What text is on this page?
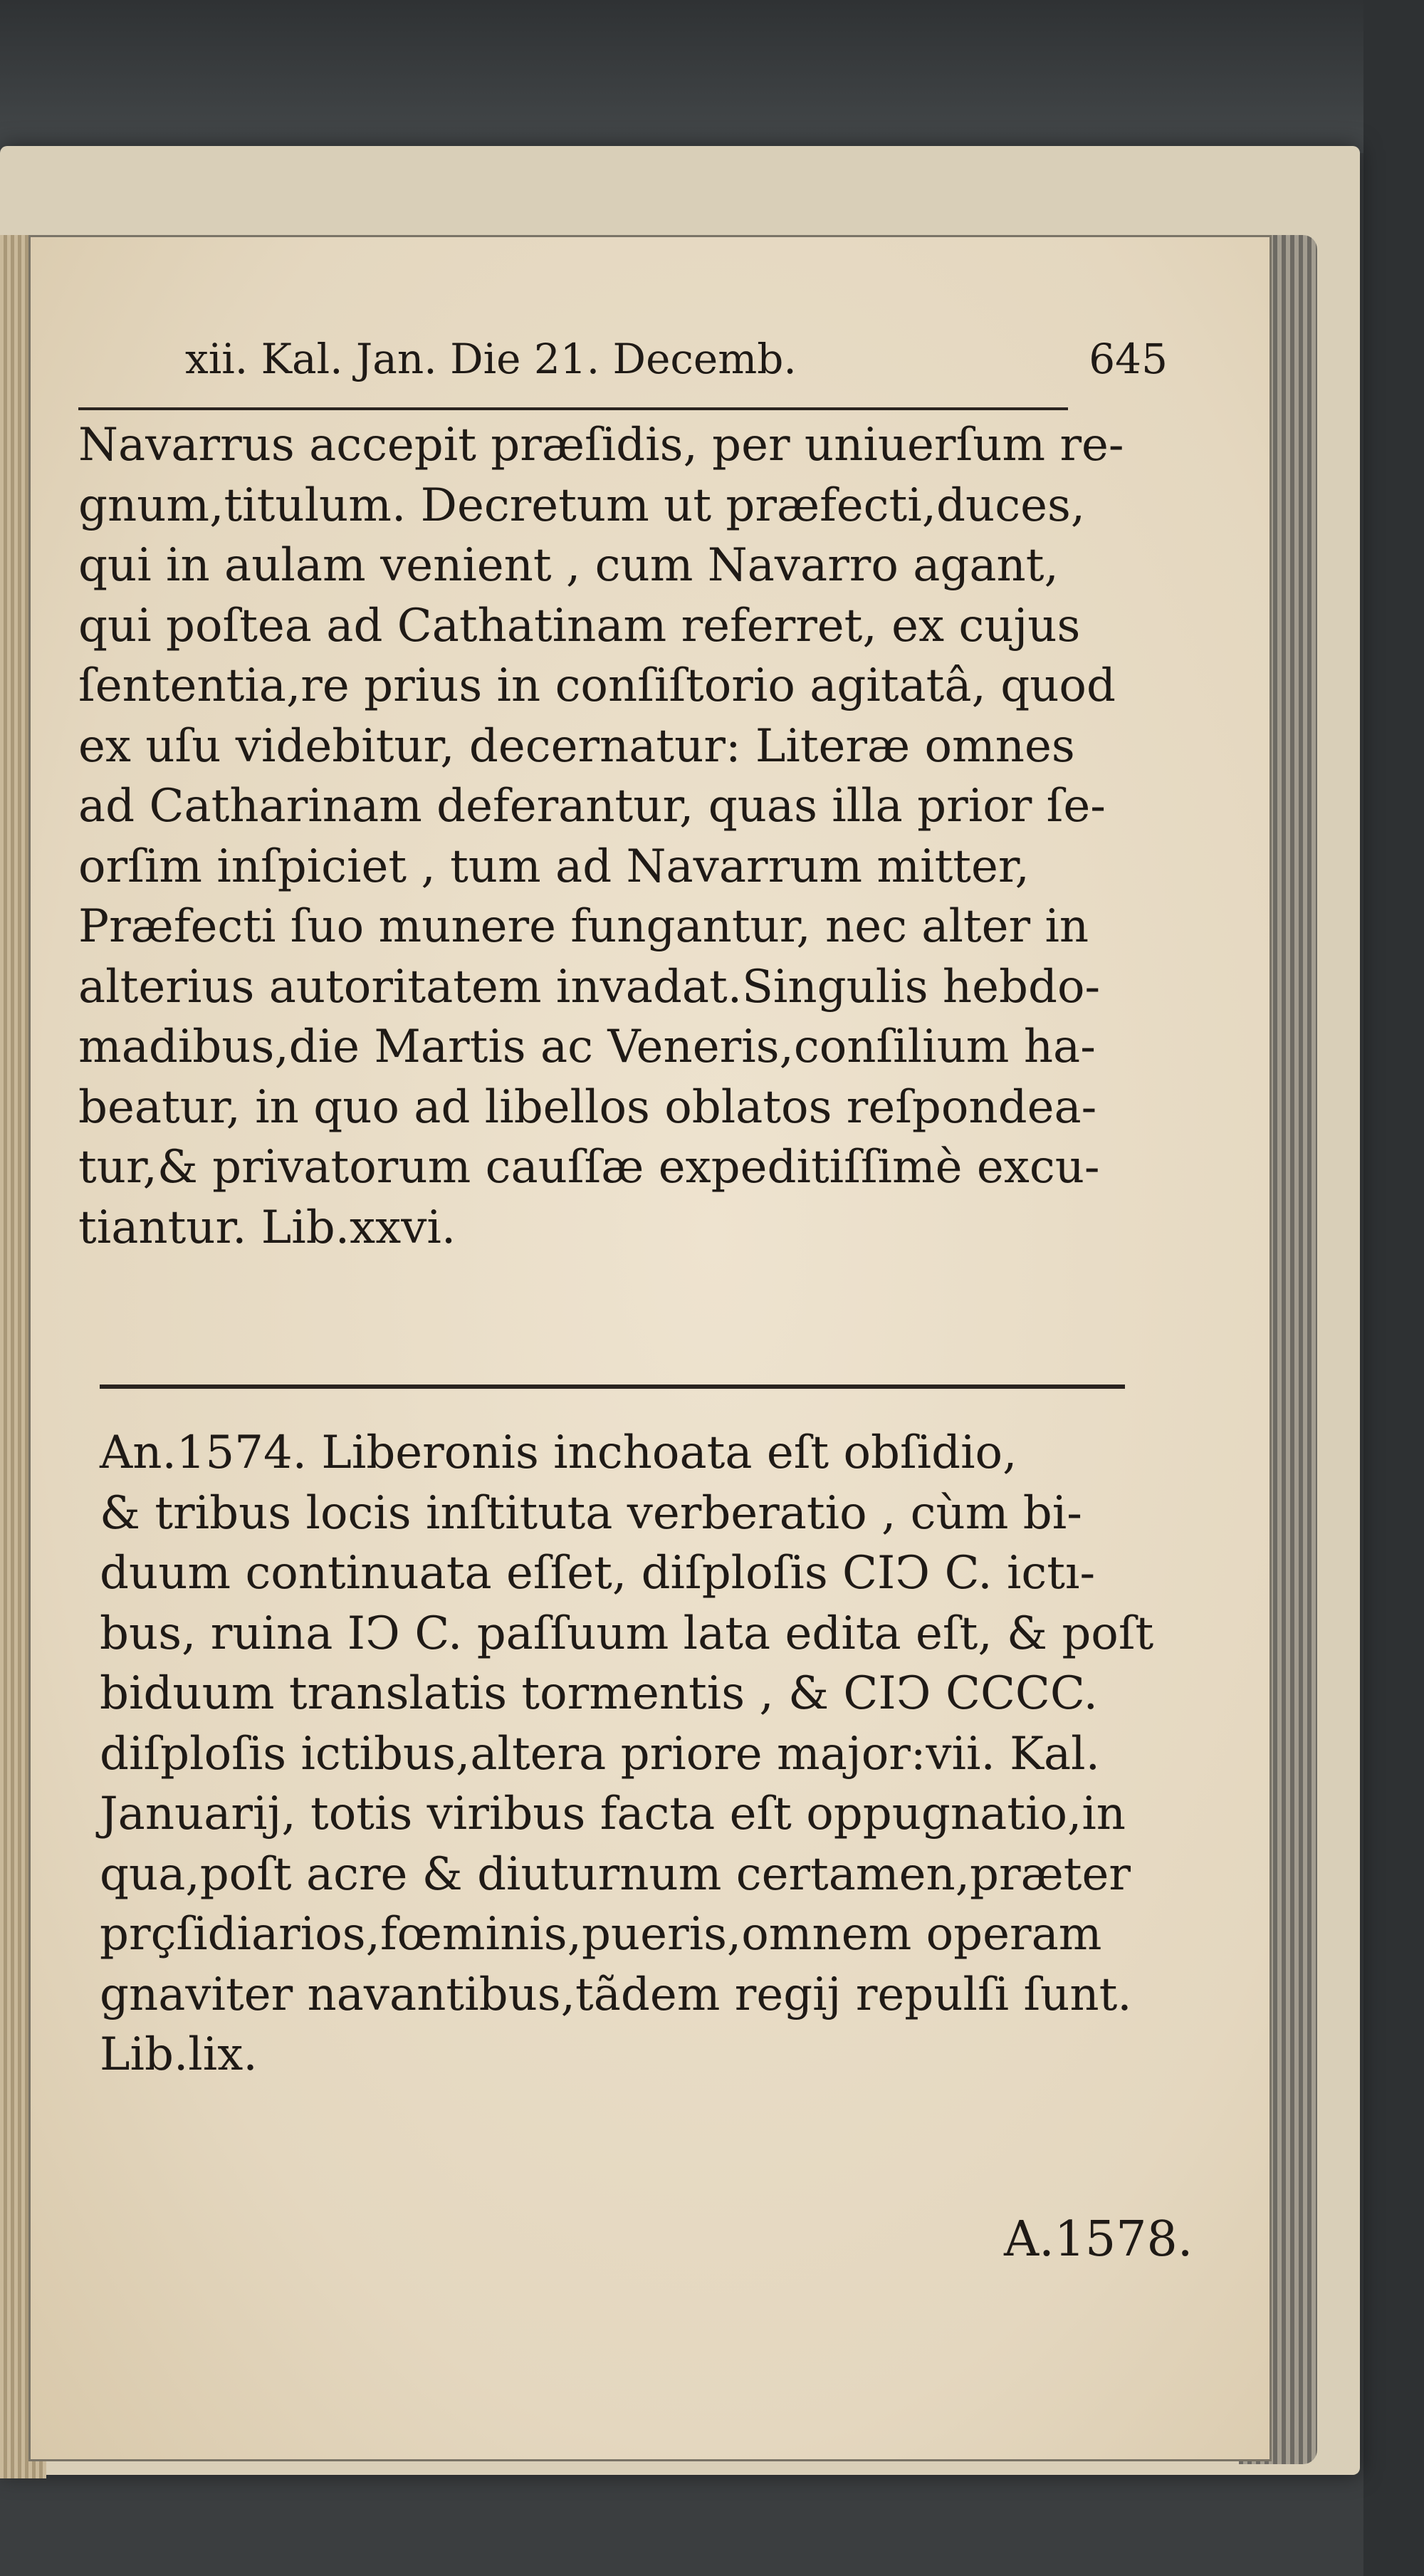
xii. Kal. Jan. Die 21. Decemb.	645
Navarrus accepit præſidis, per uniuerſum re-
gnum,titulum. Decretum ut præfecti,duces,
qui in aulam venient , cum Navarro agant,
qui poſtea ad Cathatinam referret, ex cujus
ſententia,re prius in conſiſtorio agitatâ, quod
ex uſu videbitur, decernatur: Literæ omnes
ad Catharinam deferantur, quas illa prior ſe-
orſim inſpiciet , tum ad Navarrum mitter,
Præfecti ſuo munere fungantur, nec alter in
alterius autoritatem invadat.Singulis hebdo-
madibus,die Martis ac Veneris,conſilium ha-
beatur, in quo ad libellos oblatos reſpondea-
tur,& privatorum cauſſæ expeditiſſimè excu-
tiantur. Lib.xxvi.
An.1574. Liberonis inchoata eſt obſidio,
& tribus locis inſtituta verberatio , cùm bi-
duum continuata eſſet, diſploſis CIↃ C. ictı-
bus, ruina IↃ C. paſſuum lata edita eſt, & poſt
biduum translatis tormentis , & CIↃ CCCC.
diſploſis ictibus,altera priore major:vii. Kal.
Januarij, totis viribus facta eſt oppugnatio,in
qua,poſt acre & diuturnum certamen,præter
prçſidiarios,fœminis,pueris,omnem operam
gnaviter navantibus,tãdem regij repulſi ſunt.
Lib.lix.
A.1578.
